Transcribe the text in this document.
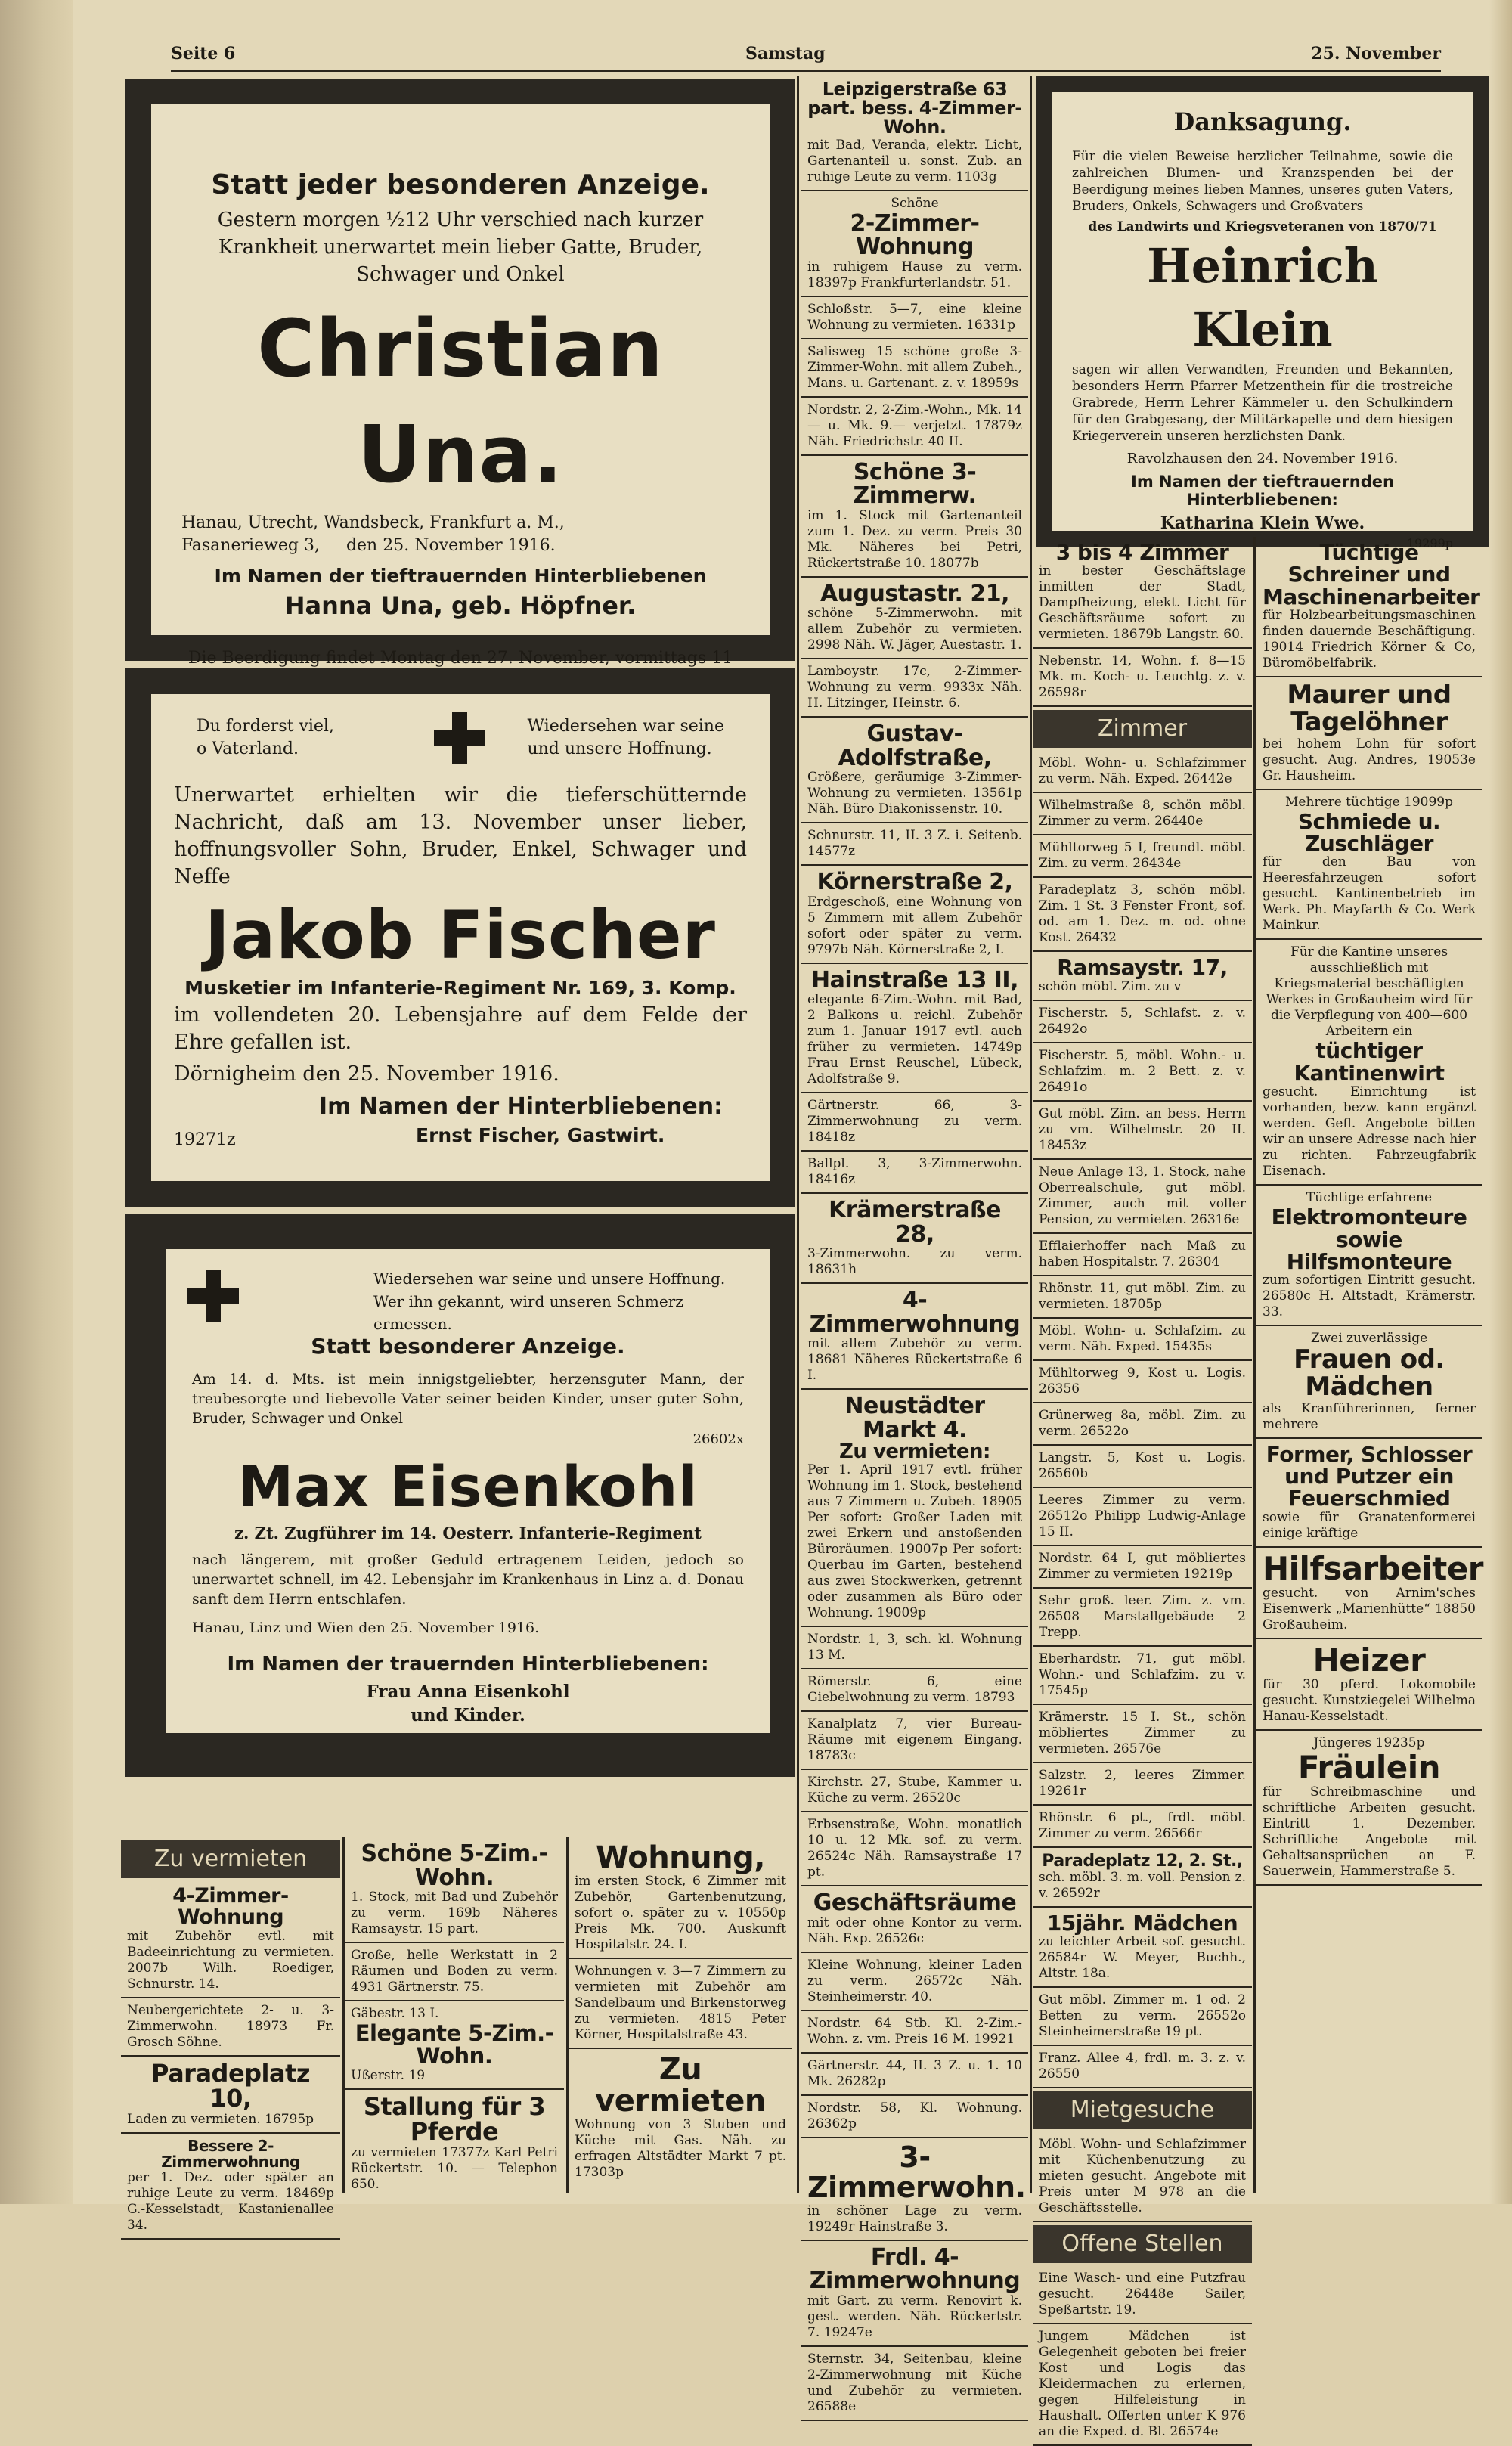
Seite 6	Samstag	25. November
Statt jeder besonderen Anzeige.
Gestern morgen ½12 Uhr verschied nach kurzer Krankheit unerwartet mein lieber Gatte, Bruder, Schwager und Onkel
Christian Una.
Hanau, Utrecht, Wandsbeck, Frankfurt a. M.,
Fasanerieweg 3, den 25. November 1916.
Im Namen der tieftrauernden Hinterbliebenen
Hanna Una, geb. Höpfner.
Die Beerdigung findet Montag den 27. November, vormittags 11
Du forderst viel,
o Vaterland.
Wiedersehen war seine
und unsere Hoffnung.
Unerwartet erhielten wir die tieferschütternde Nachricht, daß am 13. November unser lieber, hoffnungsvoller Sohn, Bruder, Enkel, Schwager und Neffe
Jakob Fischer
Musketier im Infanterie-Regiment Nr. 169, 3. Komp.
im vollendeten 20. Lebensjahre auf dem Felde der Ehre gefallen ist.
Dörnigheim den 25. November 1916.
Im Namen der Hinterbliebenen:
19271z	Ernst Fischer, Gastwirt.
Wiedersehen war seine und unsere Hoffnung.
Wer ihn gekannt, wird unseren Schmerz ermessen.
Statt besonderer Anzeige.
Am 14. d. Mts. ist mein innigstgeliebter, herzensguter Mann, der treubesorgte und liebevolle Vater seiner beiden Kinder, unser guter Sohn, Bruder, Schwager und Onkel
26602x
Max Eisenkohl
z. Zt. Zugführer im 14. Oesterr. Infanterie-Regiment
nach längerem, mit großer Geduld ertragenem Leiden, jedoch so unerwartet schnell, im 42. Lebensjahr im Krankenhaus in Linz a. d. Donau sanft dem Herrn entschlafen.
Hanau, Linz und Wien den 25. November 1916.
Im Namen der trauernden Hinterbliebenen:
Frau Anna Eisenkohl
und Kinder.
Zu vermieten
4-Zimmer-Wohnung
mit Zubehör evtl. mit Badeeinrichtung zu vermieten. 2007b Wilh. Roediger, Schnurstr. 14.
Neubergerichtete 2- u. 3-Zimmerwohn. 18973 Fr. Grosch Söhne.
Paradeplatz 10,
Laden zu vermieten. 16795p
Bessere 2-Zimmerwohnung
per 1. Dez. oder später an ruhige Leute zu verm. 18469p G.-Kesselstadt, Kastanienallee 34.
Schöne 5-Zim.-Wohn.
1. Stock, mit Bad und Zubehör zu verm. 169b Näheres Ramsaystr. 15 part.
Große, helle Werkstatt in 2 Räumen und Boden zu verm. 4931 Gärtnerstr. 75.
Gäbestr. 13 I.
Elegante 5-Zim.-Wohn.
Ußerstr. 19
Stallung für 3 Pferde
zu vermieten 17377z Karl Petri Rückertstr. 10. — Telephon 650.
Wohnung,
im ersten Stock, 6 Zimmer mit Zubehör, Gartenbenutzung, sofort o. später zu v. 10550p Preis Mk. 700. Auskunft Hospitalstr. 24. I.
Wohnungen v. 3—7 Zimmern zu vermieten mit Zubehör am Sandelbaum und Birkenstorweg zu vermieten. 4815 Peter Körner, Hospitalstraße 43.
Zu vermieten
Wohnung von 3 Stuben und Küche mit Gas. Näh. zu erfragen Altstädter Markt 7 pt. 17303p
Leipzigerstraße 63 part. bess. 4-Zimmer-Wohn.
mit Bad, Veranda, elektr. Licht, Gartenanteil u. sonst. Zub. an ruhige Leute zu verm. 1103g
Schöne
2-Zimmer-Wohnung
in ruhigem Hause zu verm. 18397p Frankfurterlandstr. 51.
Schloßstr. 5—7, eine kleine Wohnung zu vermieten. 16331p
Salisweg 15 schöne große 3-Zimmer-Wohn. mit allem Zubeh., Mans. u. Gartenant. z. v. 18959s
Nordstr. 2, 2-Zim.-Wohn., Mk. 14 — u. Mk. 9.— verjetzt. 17879z Näh. Friedrichstr. 40 II.
Schöne 3-Zimmerw.
im 1. Stock mit Gartenanteil zum 1. Dez. zu verm. Preis 30 Mk. Näheres bei Petri, Rückertstraße 10. 18077b
Augustastr. 21,
schöne 5-Zimmerwohn. mit allem Zubehör zu vermieten. 2998 Näh. W. Jäger, Auestastr. 1.
Lamboystr. 17c, 2-Zimmer-Wohnung zu verm. 9933x Näh. H. Litzinger, Heinstr. 6.
Gustav-Adolfstraße,
Größere, geräumige 3-Zimmer-Wohnung zu vermieten. 13561p Näh. Büro Diakonissenstr. 10.
Schnurstr. 11, II. 3 Z. i. Seitenb. 14577z
Körnerstraße 2,
Erdgeschoß, eine Wohnung von 5 Zimmern mit allem Zubehör sofort oder später zu verm. 9797b Näh. Körnerstraße 2, I.
Hainstraße 13 II,
elegante 6-Zim.-Wohn. mit Bad, 2 Balkons u. reichl. Zubehör zum 1. Januar 1917 evtl. auch früher zu vermieten. 14749p Frau Ernst Reuschel, Lübeck, Adolfstraße 9.
Gärtnerstr. 66, 3-Zimmerwohnung zu verm. 18418z
Ballpl. 3, 3-Zimmerwohn. 18416z
Krämerstraße 28,
3-Zimmerwohn. zu verm. 18631h
4-Zimmerwohnung
mit allem Zubehör zu verm. 18681 Näheres Rückertstraße 6 I.
Neustädter Markt 4.
Zu vermieten:
Per 1. April 1917 evtl. früher Wohnung im 1. Stock, bestehend aus 7 Zimmern u. Zubeh. 18905 Per sofort: Großer Laden mit zwei Erkern und anstoßenden Büroräumen. 19007p Per sofort: Querbau im Garten, bestehend aus zwei Stockwerken, getrennt oder zusammen als Büro oder Wohnung. 19009p
Nordstr. 1, 3, sch. kl. Wohnung 13 M.
Römerstr. 6, eine Giebelwohnung zu verm. 18793
Kanalplatz 7, vier Bureau-Räume mit eigenem Eingang. 18783c
Kirchstr. 27, Stube, Kammer u. Küche zu verm. 26520c
Erbsenstraße, Wohn. monatlich 10 u. 12 Mk. sof. zu verm. 26524c Näh. Ramsaystraße 17 pt.
Geschäftsräume
mit oder ohne Kontor zu verm. Näh. Exp. 26526c
Kleine Wohnung, kleiner Laden zu verm. 26572c Näh. Steinheimerstr. 40.
Nordstr. 64 Stb. Kl. 2-Zim.-Wohn. z. vm. Preis 16 M. 19921
Gärtnerstr. 44, II. 3 Z. u. 1. 10 Mk. 26282p
Nordstr. 58, Kl. Wohnung. 26362p
3-Zimmerwohn.
in schöner Lage zu verm. 19249r Hainstraße 3.
Frdl. 4-Zimmerwohnung
mit Gart. zu verm. Renovirt k. gest. werden. Näh. Rückertstr. 7. 19247e
Sternstr. 34, Seitenbau, kleine 2-Zimmerwohnung mit Küche und Zubehör zu vermieten. 26588e
Danksagung.
Für die vielen Beweise herzlicher Teilnahme, sowie die zahlreichen Blumen- und Kranzspenden bei der Beerdigung meines lieben Mannes, unseres guten Vaters, Bruders, Onkels, Schwagers und Großvaters
des Landwirts und Kriegsveteranen von 1870/71
Heinrich Klein
sagen wir allen Verwandten, Freunden und Bekannten, besonders Herrn Pfarrer Metzenthein für die trostreiche Grabrede, Herrn Lehrer Kämmeler u. den Schulkindern für den Grabgesang, der Militärkapelle und dem hiesigen Kriegerverein unseren herzlichsten Dank.
Ravolzhausen den 24. November 1916.
Im Namen der tieftrauernden Hinterbliebenen:
Katharina Klein Wwe.
19299p
3 bis 4 Zimmer
in bester Geschäftslage inmitten der Stadt, Dampfheizung, elekt. Licht für Geschäftsräume sofort zu vermieten. 18679b Langstr. 60.
Nebenstr. 14, Wohn. f. 8—15 Mk. m. Koch- u. Leuchtg. z. v. 26598r
Zimmer
Möbl. Wohn- u. Schlafzimmer zu verm. Näh. Exped. 26442e
Wilhelmstraße 8, schön möbl. Zimmer zu verm. 26440e
Mühltorweg 5 I, freundl. möbl. Zim. zu verm. 26434e
Paradeplatz 3, schön möbl. Zim. 1 St. 3 Fenster Front, sof. od. am 1. Dez. m. od. ohne Kost. 26432
Ramsaystr. 17,
schön möbl. Zim. zu v
Fischerstr. 5, Schlafst. z. v. 26492o
Fischerstr. 5, möbl. Wohn.- u. Schlafzim. m. 2 Bett. z. v. 26491o
Gut möbl. Zim. an bess. Herrn zu vm. Wilhelmstr. 20 II. 18453z
Neue Anlage 13, 1. Stock, nahe Oberrealschule, gut möbl. Zimmer, auch mit voller Pension, zu vermieten. 26316e
Efflaierhoffer nach Maß zu haben Hospitalstr. 7. 26304
Rhönstr. 11, gut möbl. Zim. zu vermieten. 18705p
Möbl. Wohn- u. Schlafzim. zu verm. Näh. Exped. 15435s
Mühltorweg 9, Kost u. Logis. 26356
Grünerweg 8a, möbl. Zim. zu verm. 26522o
Langstr. 5, Kost u. Logis. 26560b
Leeres Zimmer zu verm. 26512o Philipp Ludwig-Anlage 15 II.
Nordstr. 64 I, gut möbliertes Zimmer zu vermieten 19219p
Sehr groß. leer. Zim. z. vm. 26508 Marstallgebäude 2 Trepp.
Eberhardstr. 71, gut möbl. Wohn.- und Schlafzim. zu v. 17545p
Krämerstr. 15 I. St., schön möbliertes Zimmer zu vermieten. 26576e
Salzstr. 2, leeres Zimmer. 19261r
Rhönstr. 6 pt., frdl. möbl. Zimmer zu verm. 26566r
Paradeplatz 12, 2. St.,
sch. möbl. 3. m. voll. Pension z. v. 26592r
15jähr. Mädchen
zu leichter Arbeit sof. gesucht. 26584r W. Meyer, Buchh., Altstr. 18a.
Gut möbl. Zimmer m. 1 od. 2 Betten zu verm. 26552o Steinheimerstraße 19 pt.
Franz. Allee 4, frdl. m. 3. z. v. 26550
Mietgesuche
Möbl. Wohn- und Schlafzimmer mit Küchenbenutzung zu mieten gesucht. Angebote mit Preis unter M 978 an die Geschäftsstelle.
Offene Stellen
Eine Wasch- und eine Putzfrau gesucht. 26448e Sailer, Speßartstr. 19.
Jungem Mädchen ist Gelegenheit geboten bei freier Kost und Logis das Kleidermachen zu erlernen, gegen Hilfeleistung in Haushalt. Offerten unter K 976 an die Exped. d. Bl. 26574e
Tüchtige Schreiner und Maschinenarbeiter
für Holzbearbeitungsmaschinen finden dauernde Beschäftigung. 19014 Friedrich Körner & Co, Büromöbelfabrik.
Maurer und Tagelöhner
bei hohem Lohn für sofort gesucht. Aug. Andres, 19053e Gr. Hausheim.
Mehrere tüchtige 19099p
Schmiede u. Zuschläger
für den Bau von Heeresfahrzeugen sofort gesucht. Kantinenbetrieb im Werk. Ph. Mayfarth & Co. Werk Mainkur.
Für die Kantine unseres ausschließlich mit Kriegsmaterial beschäftigten Werkes in Großauheim wird für die Verpflegung von 400—600 Arbeitern ein
tüchtiger Kantinenwirt
gesucht. Einrichtung ist vorhanden, bezw. kann ergänzt werden. Gefl. Angebote bitten wir an unsere Adresse nach hier zu richten. Fahrzeugfabrik Eisenach.
Tüchtige erfahrene
Elektromonteure sowie Hilfsmonteure
zum sofortigen Eintritt gesucht. 26580c H. Altstadt, Krämerstr. 33.
Zwei zuverlässige
Frauen od. Mädchen
als Kranführerinnen, ferner mehrere
Former, Schlosser und Putzer ein Feuerschmied
sowie für Granatenformerei einige kräftige
Hilfsarbeiter
gesucht. von Arnim'sches Eisenwerk „Marienhütte“ 18850 Großauheim.
Heizer
für 30 pferd. Lokomobile gesucht. Kunstziegelei Wilhelma Hanau-Kesselstadt.
Jüngeres 19235p
Fräulein
für Schreibmaschine und schriftliche Arbeiten gesucht. Eintritt 1. Dezember. Schriftliche Angebote mit Gehaltsansprüchen an F. Sauerwein, Hammerstraße 5.
